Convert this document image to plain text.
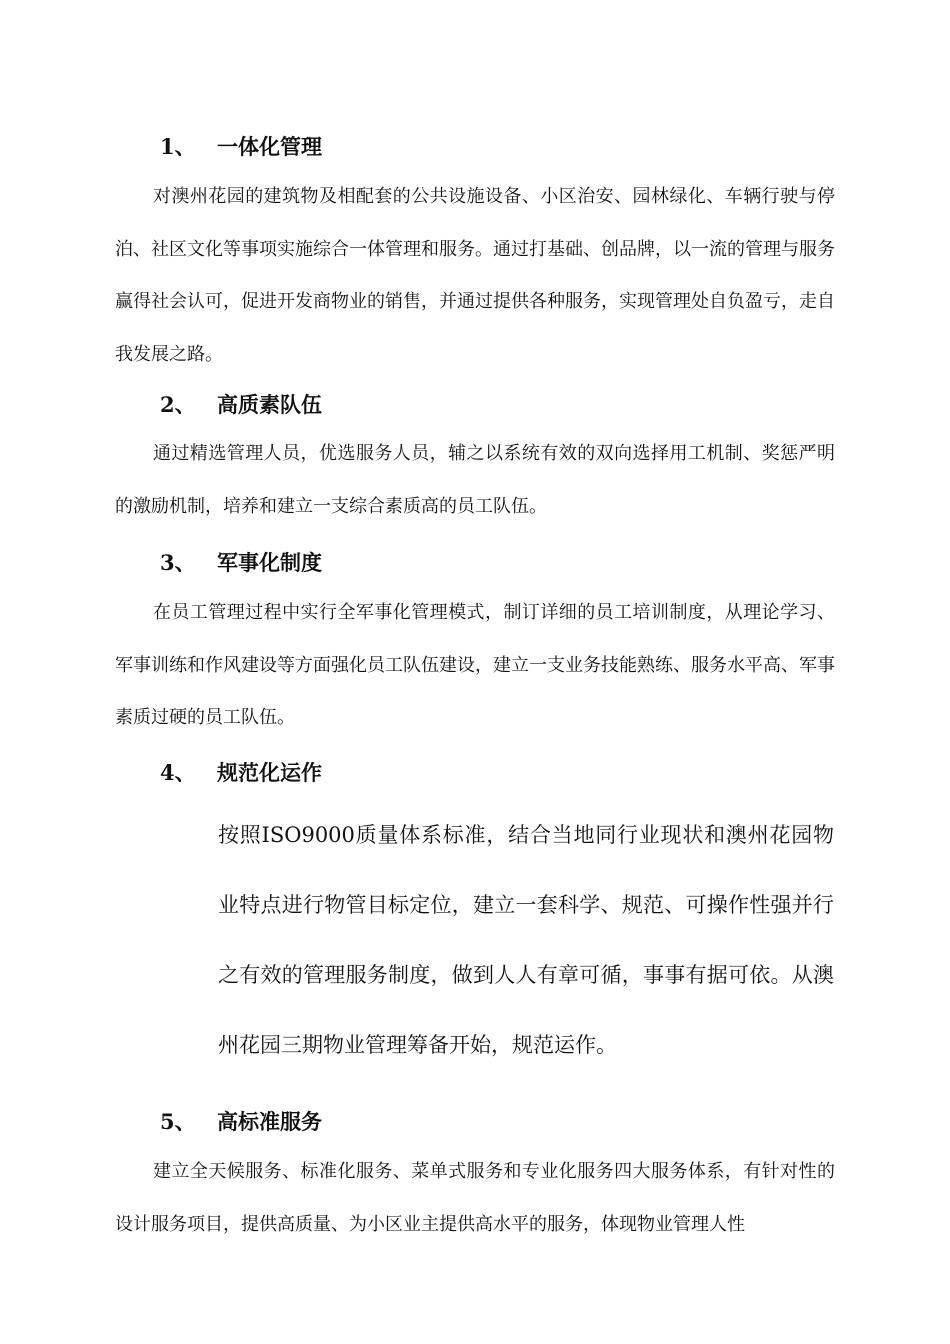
1、 一体化管理

对澳州花园的建筑物及相配套的公共设施设备、小区治安、园林绿化、车辆行驶与停泊、社区文化等事项实施综合一体管理和服务。通过打基础、创品牌，以一流的管理与服务赢得社会认可，促进开发商物业的销售，并通过提供各种服务，实现管理处自负盈亏，走自我发展之路。

2、 高质素队伍

通过精选管理人员，优选服务人员，辅之以系统有效的双向选择用工机制、奖惩严明的激励机制，培养和建立一支综合素质高的员工队伍。

3、 军事化制度

在员工管理过程中实行全军事化管理模式，制订详细的员工培训制度，从理论学习、军事训练和作风建设等方面强化员工队伍建设，建立一支业务技能熟练、服务水平高、军事素质过硬的员工队伍。

4、 规范化运作

按照ISO9000质量体系标准，结合当地同行业现状和澳州花园物业特点进行物管目标定位，建立一套科学、规范、可操作性强并行之有效的管理服务制度，做到人人有章可循，事事有据可依。从澳州花园三期物业管理筹备开始，规范运作。

5、 高标准服务

建立全天候服务、标准化服务、菜单式服务和专业化服务四大服务体系，有针对性的设计服务项目，提供高质量、为小区业主提供高水平的服务，体现物业管理人性
